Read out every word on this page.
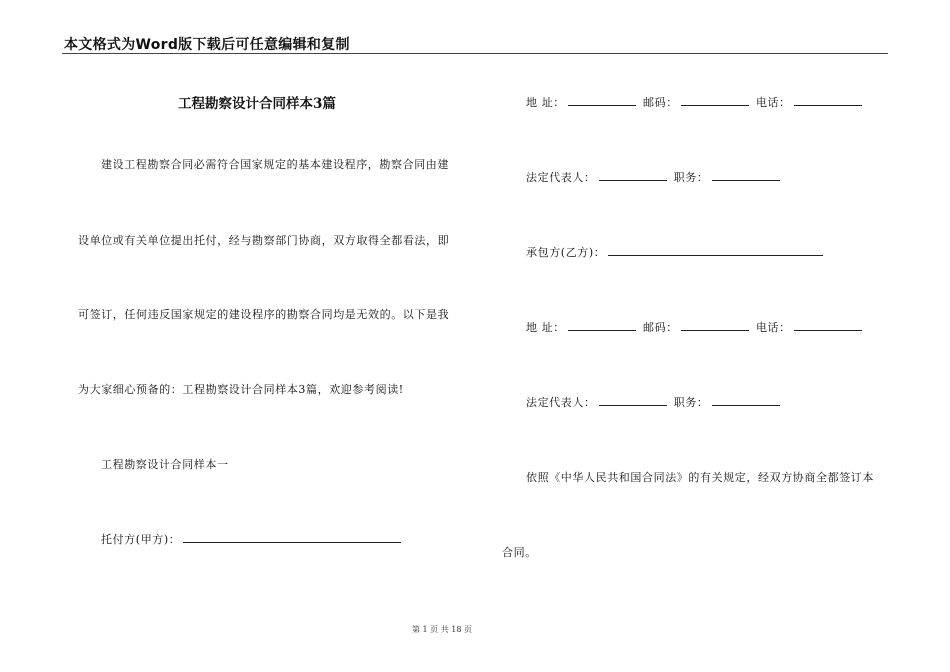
本文格式为Word版下载后可任意编辑和复制
工程勘察设计合同样本3篇
建设工程勘察合同必需符合国家规定的基本建设程序，勘察合同由建
设单位或有关单位提出托付，经与勘察部门协商，双方取得全都看法，即
可签订，任何违反国家规定的建设程序的勘察合同均是无效的。以下是我
为大家细心预备的：工程勘察设计合同样本3篇，欢迎参考阅读!
工程勘察设计合同样本一
托付方(甲方)：
地 址：	邮码：	电话：
法定代表人：	职务：
承包方(乙方)：
地 址：	邮码：	电话：
法定代表人：	职务：
依照《中华人民共和国合同法》的有关规定，经双方协商全都签订本
合同。
第 1 页 共 18 页
